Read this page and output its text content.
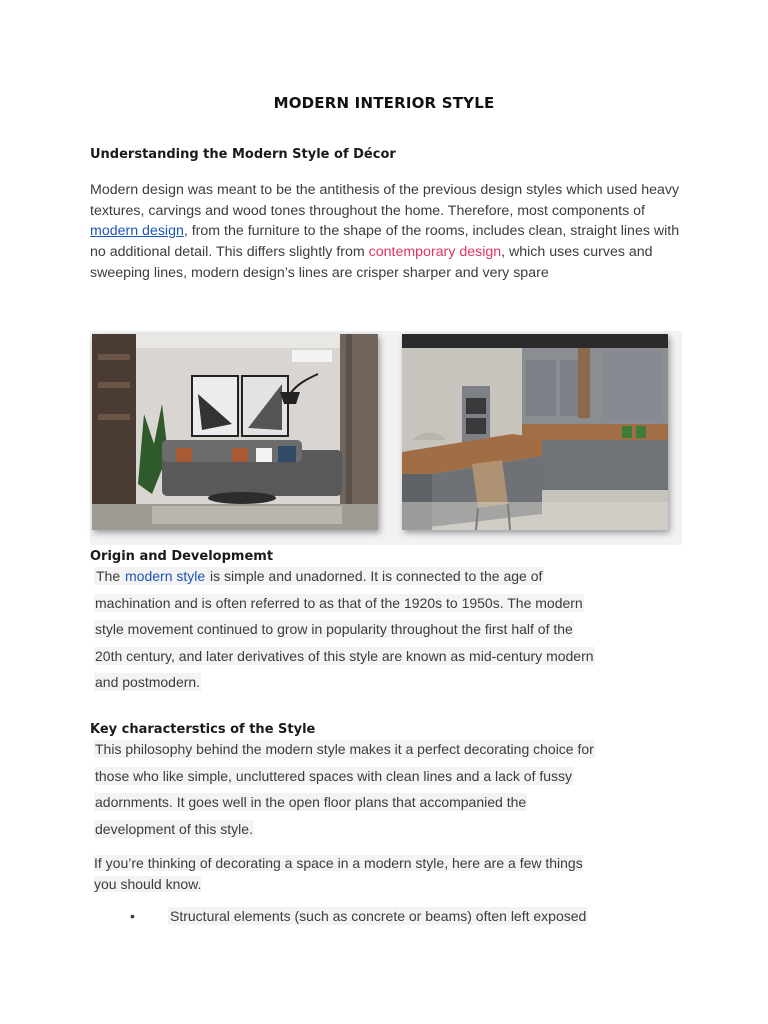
MODERN INTERIOR STYLE
Understanding the Modern Style of Décor
Modern design was meant to be the antithesis of the previous design styles which used heavy textures, carvings and wood tones throughout the home. Therefore, most components of modern design, from the furniture to the shape of the rooms, includes clean, straight lines with no additional detail. This differs slightly from contemporary design, which uses curves and sweeping lines, modern design’s lines are crisper sharper and very spare
Origin and Developmemt
The modern style is simple and unadorned. It is connected to the age of
machination and is often referred to as that of the 1920s to 1950s. The modern
style movement continued to grow in popularity throughout the first half of the
20th century, and later derivatives of this style are known as mid-century modern
and postmodern.
Key characterstics of the Style
This philosophy behind the modern style makes it a perfect decorating choice for
those who like simple, uncluttered spaces with clean lines and a lack of fussy
adornments. It goes well in the open floor plans that accompanied the
development of this style.
If you’re thinking of decorating a space in a modern style, here are a few things
you should know.
•	Structural elements (such as concrete or beams) often left exposed
